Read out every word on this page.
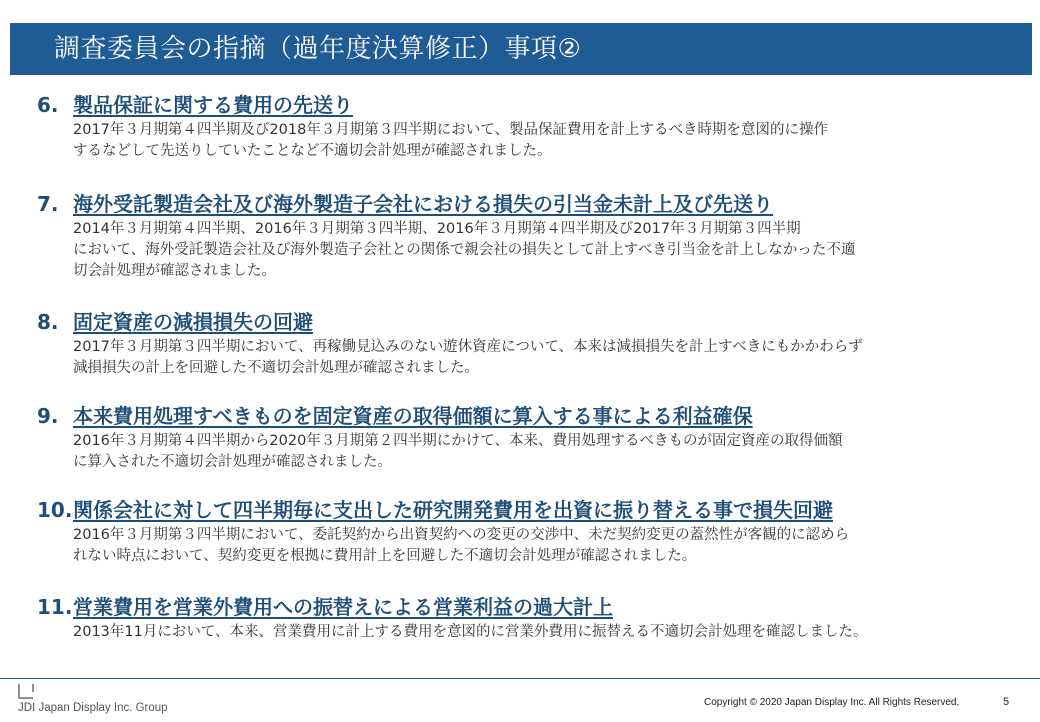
調査委員会の指摘（過年度決算修正）事項②
6. 製品保証に関する費用の先送り
2017年３月期第４四半期及び2018年３月期第３四半期において、製品保証費用を計上するべき時期を意図的に操作
するなどして先送りしていたことなど不適切会計処理が確認されました。
7. 海外受託製造会社及び海外製造子会社における損失の引当金未計上及び先送り
2014年３月期第４四半期、2016年３月期第３四半期、2016年３月期第４四半期及び2017年３月期第３四半期
において、海外受託製造会社及び海外製造子会社との関係で親会社の損失として計上すべき引当金を計上しなかった不適
切会計処理が確認されました。
8. 固定資産の減損損失の回避
2017年３月期第３四半期において、再稼働見込みのない遊休資産について、本来は減損損失を計上すべきにもかかわらず
減損損失の計上を回避した不適切会計処理が確認されました。
9. 本来費用処理すべきものを固定資産の取得価額に算入する事による利益確保
2016年３月期第４四半期から2020年３月期第２四半期にかけて、本来、費用処理するべきものが固定資産の取得価額
に算入された不適切会計処理が確認されました。
10.関係会社に対して四半期毎に支出した研究開発費用を出資に振り替える事で損失回避
2016年３月期第３四半期において、委託契約から出資契約への変更の交渉中、未だ契約変更の蓋然性が客観的に認めら
れない時点において、契約変更を根拠に費用計上を回避した不適切会計処理が確認されました。
11.営業費用を営業外費用への振替えによる営業利益の過大計上
2013年11月において、本来、営業費用に計上する費用を意図的に営業外費用に振替える不適切会計処理を確認しました。
JDI Japan Display Inc. Group	Copyright © 2020 Japan Display Inc. All Rights Reserved.	5
